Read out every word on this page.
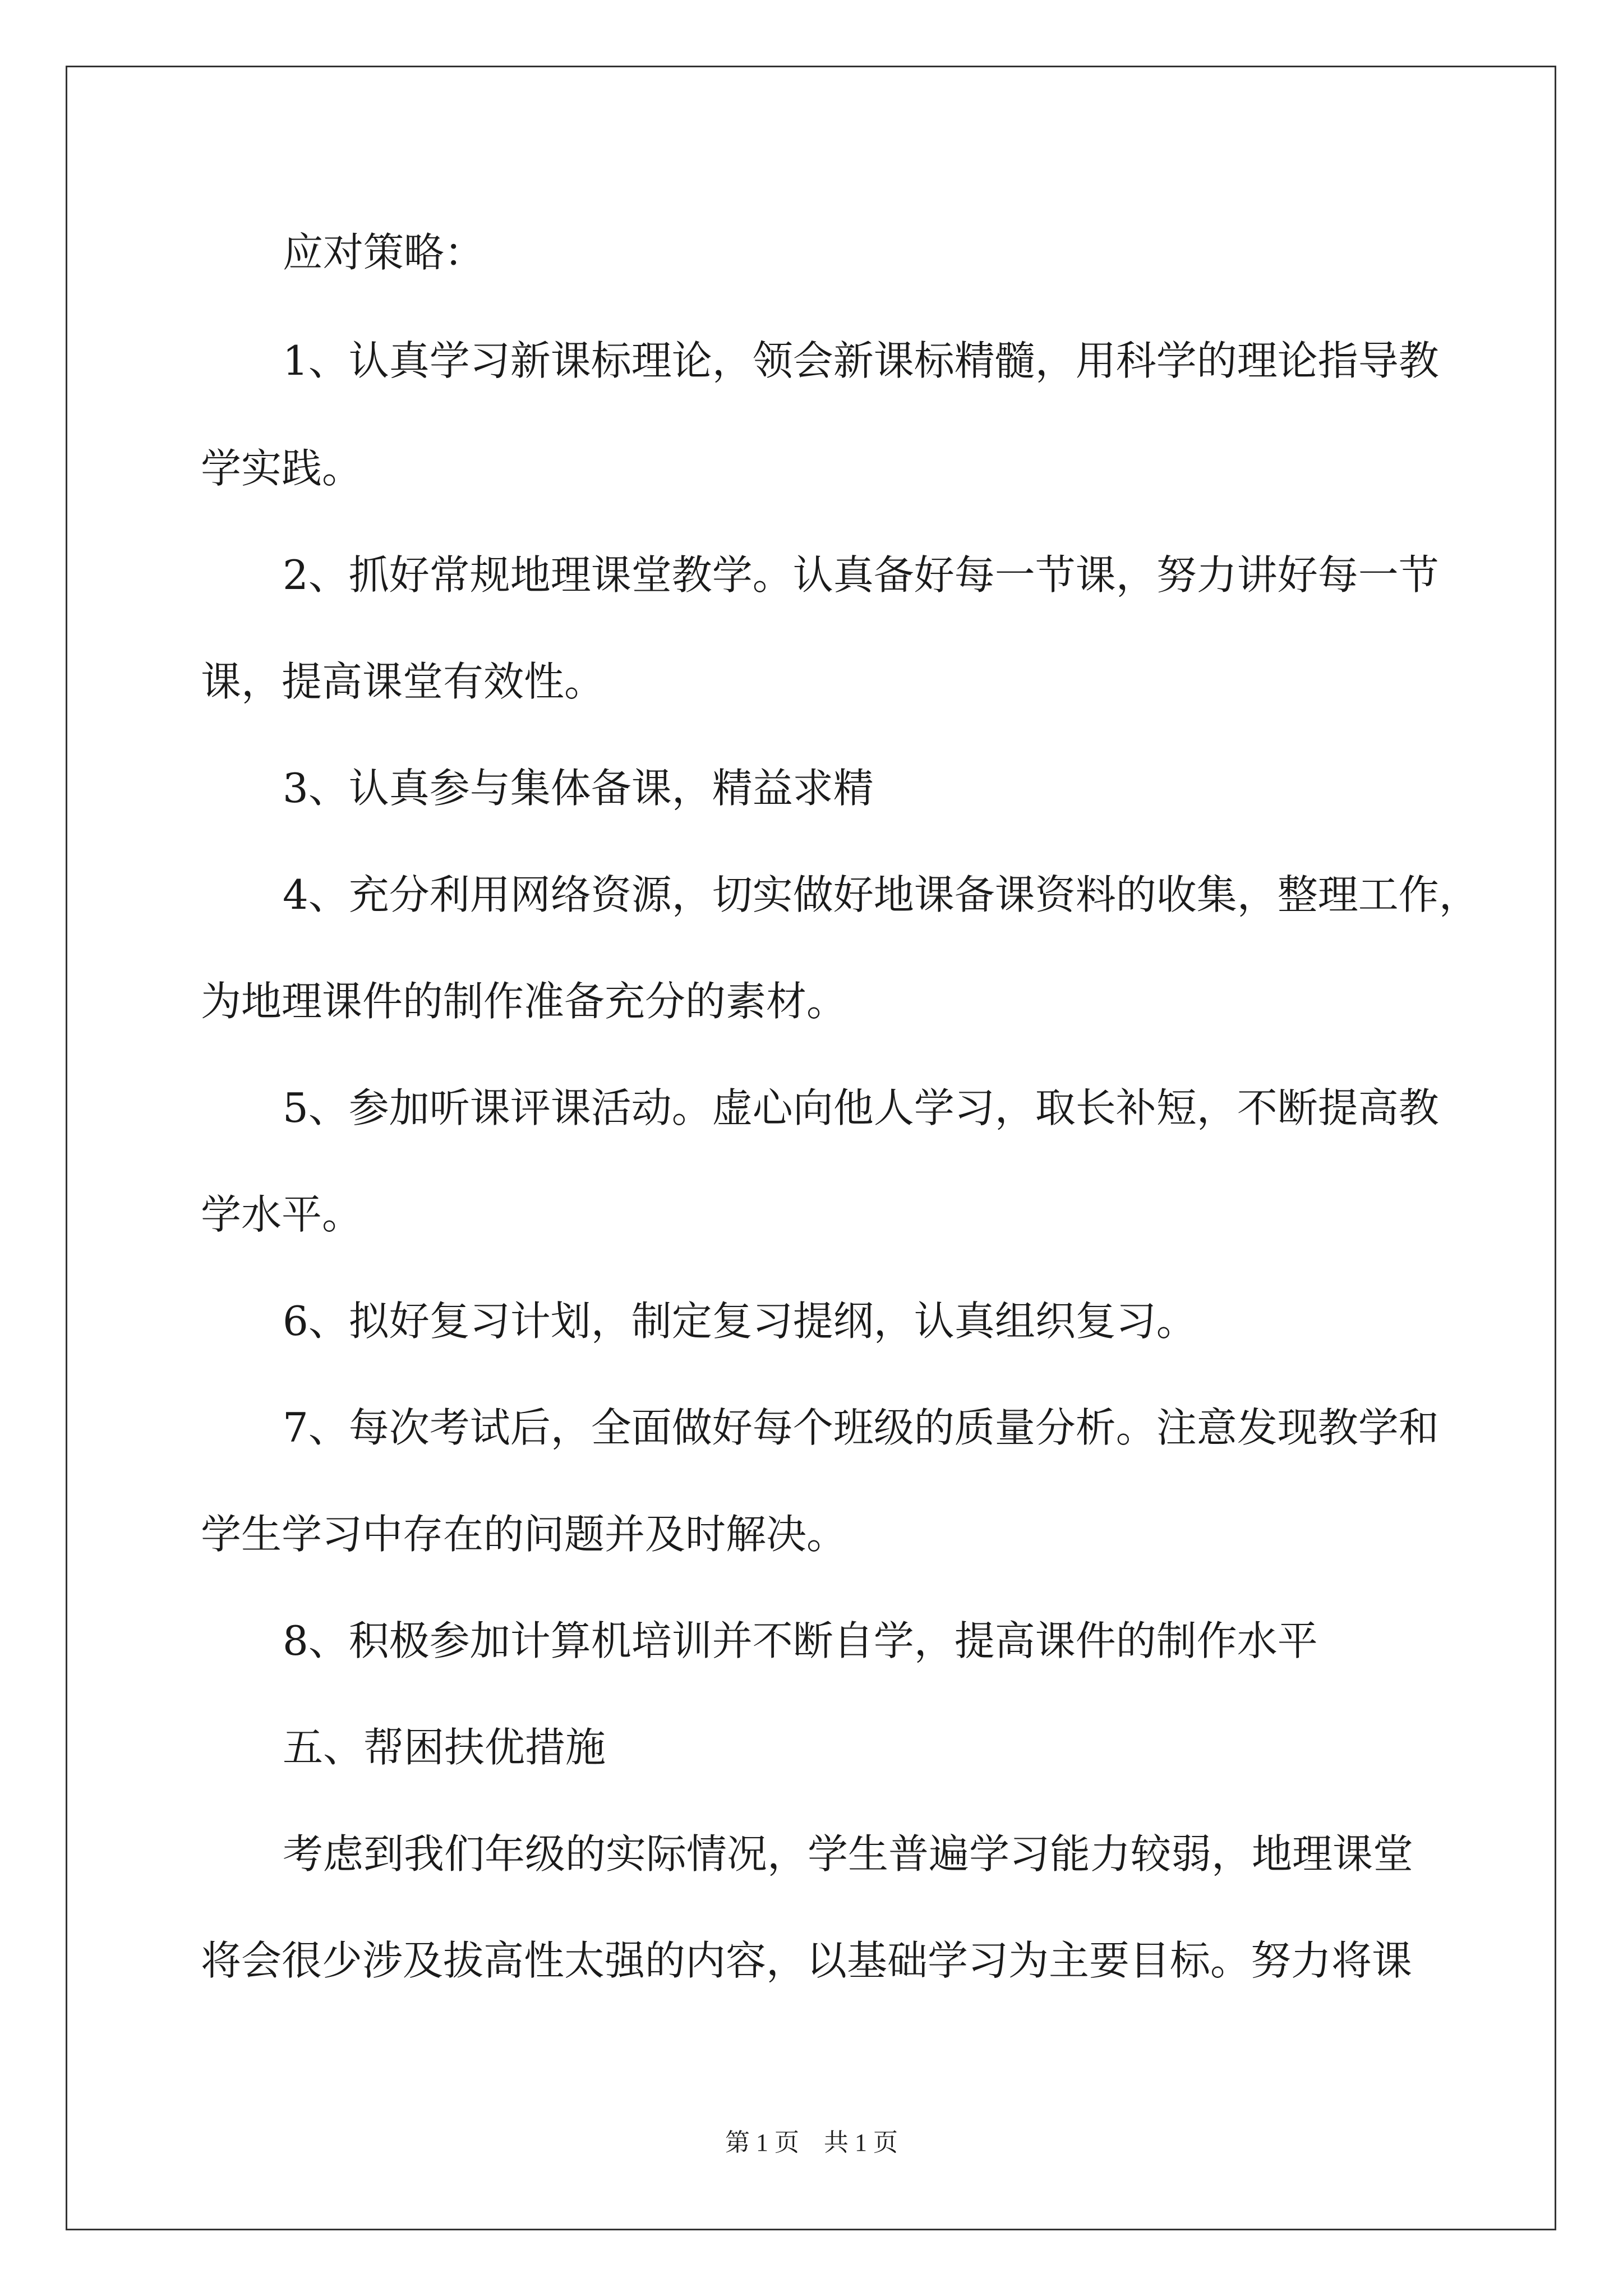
应对策略：
1、认真学习新课标理论，领会新课标精髓，用科学的理论指导教
学实践。
2、抓好常规地理课堂教学。认真备好每一节课，努力讲好每一节
课，提高课堂有效性。
3、认真参与集体备课，精益求精
4、充分利用网络资源，切实做好地课备课资料的收集，整理工作，
为地理课件的制作准备充分的素材。
5、参加听课评课活动。虚心向他人学习，取长补短，不断提高教
学水平。
6、拟好复习计划，制定复习提纲，认真组织复习。
7、每次考试后，全面做好每个班级的质量分析。注意发现教学和
学生学习中存在的问题并及时解决。
8、积极参加计算机培训并不断自学，提高课件的制作水平
五、帮困扶优措施
考虑到我们年级的实际情况，学生普遍学习能力较弱，地理课堂
将会很少涉及拔高性太强的内容，以基础学习为主要目标。努力将课
第 1 页　共 1 页
